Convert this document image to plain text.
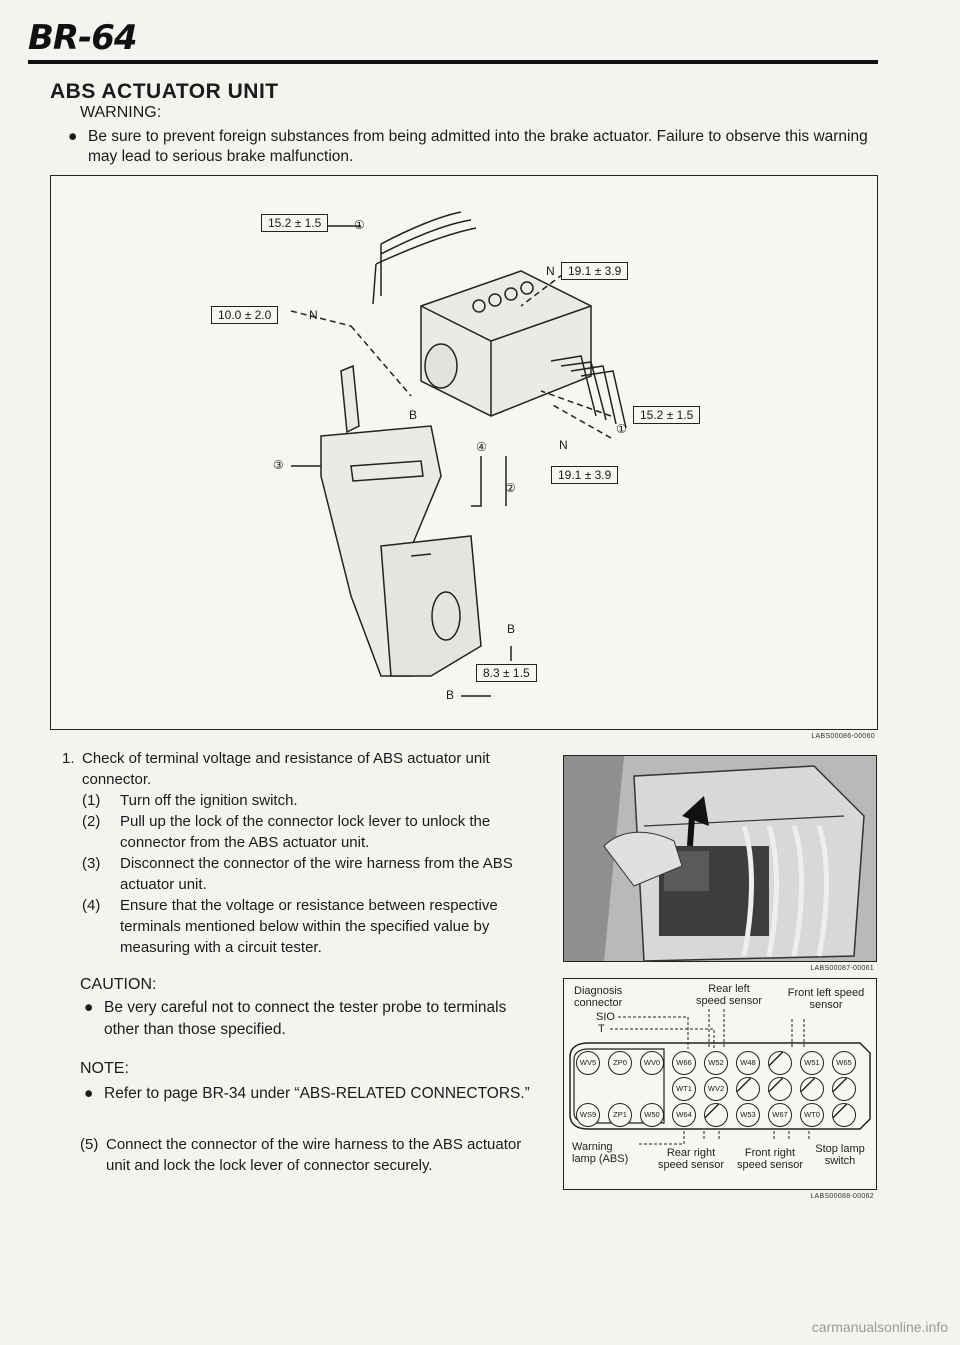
BR-64
ABS ACTUATOR UNIT
WARNING:
● Be sure to prevent foreign substances from being admitted into the brake actuator. Failure to observe this warning may lead to serious brake malfunction.
15.2 ± 1.5
19.1 ± 3.9
10.0 ± 2.0
15.2 ± 1.5
19.1 ± 3.9
8.3 ± 1.5
①
N
N
B
①
N
③
④
②
B
B
LABS00086-00060
1. Check of terminal voltage and resistance of ABS actuator unit connector.
(1) Turn off the ignition switch.
(2) Pull up the lock of the connector lock lever to unlock the connector from the ABS actuator unit.
(3) Disconnect the connector of the wire harness from the ABS actuator unit.
(4) Ensure that the voltage or resistance between respective terminals mentioned below within the specified value by measuring with a circuit tester.
CAUTION:
● Be very careful not to connect the tester probe to terminals other than those specified.
NOTE:
● Refer to page BR-34 under “ABS-RELATED CONNECTORS.”
(5) Connect the connector of the wire harness to the ABS actuator unit and lock the lock lever of connector securely.
LABS00087-00061
Diagnosis connector
Rear left speed sensor
Front left speed sensor
SIO
T
WV5	ZP0	WV0	W66	W52	W48	W51	W65
WT1	WV2
WS9	ZP1	W50	W64	W53	W67	WT0
Warning lamp (ABS)	Rear right speed sensor
Front right speed sensor
Stop lamp switch
LABS00088-00062
carmanualsonline.info
